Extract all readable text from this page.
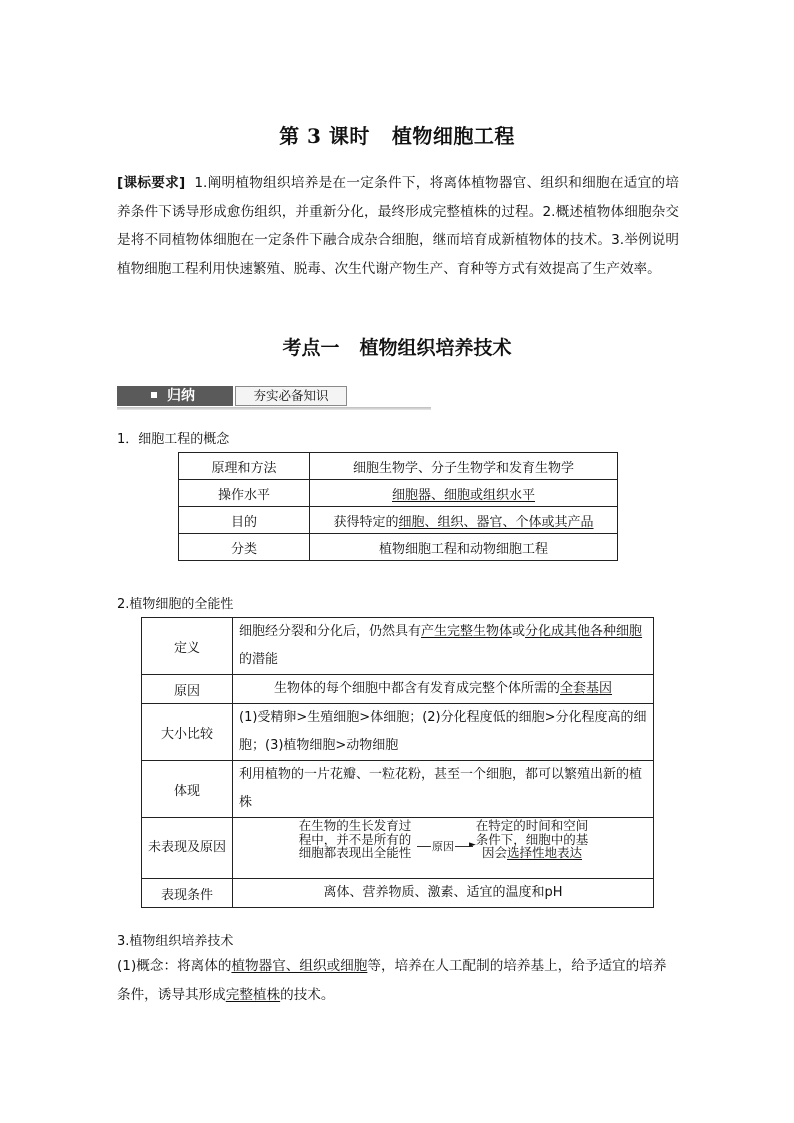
第 3 课时 植物细胞工程
[课标要求] 1.阐明植物组织培养是在一定条件下，将离体植物器官、组织和细胞在适宜的培养条件下诱导形成愈伤组织，并重新分化，最终形成完整植株的过程。2.概述植物体细胞杂交是将不同植物体细胞在一定条件下融合成杂合细胞，继而培育成新植物体的技术。3.举例说明植物细胞工程利用快速繁殖、脱毒、次生代谢产物生产、育种等方式有效提高了生产效率。
考点一 植物组织培养技术
归纳	夯实必备知识
1．细胞工程的概念
原理和方法	细胞生物学、分子生物学和发育生物学
操作水平	细胞器、细胞或组织水平
目的	获得特定的细胞、组织、器官、个体或其产品
分类	植物细胞工程和动物细胞工程
2.植物细胞的全能性
定义	细胞经分裂和分化后，仍然具有产生完整生物体或分化成其他各种细胞的潜能
原因	生物体的每个细胞中都含有发育成完整个体所需的全套基因
大小比较	(1)受精卵>生殖细胞>体细胞；(2)分化程度低的细胞>分化程度高的细胞；(3)植物细胞>动物细胞
体现	利用植物的一片花瓣、一粒花粉，甚至一个细胞，都可以繁殖出新的植株
未表现及原因	在生物的生长发育过程中，并不是所有的细胞都表现出全能性 原因 ►
在特定的时间和空间条件下，细胞中的基因会选择性地表达

表现条件	离体、营养物质、激素、适宜的温度和pH
3.植物组织培养技术
(1)概念：将离体的植物器官、组织或细胞等，培养在人工配制的培养基上，给予适宜的培养条件，诱导其形成完整植株的技术。
